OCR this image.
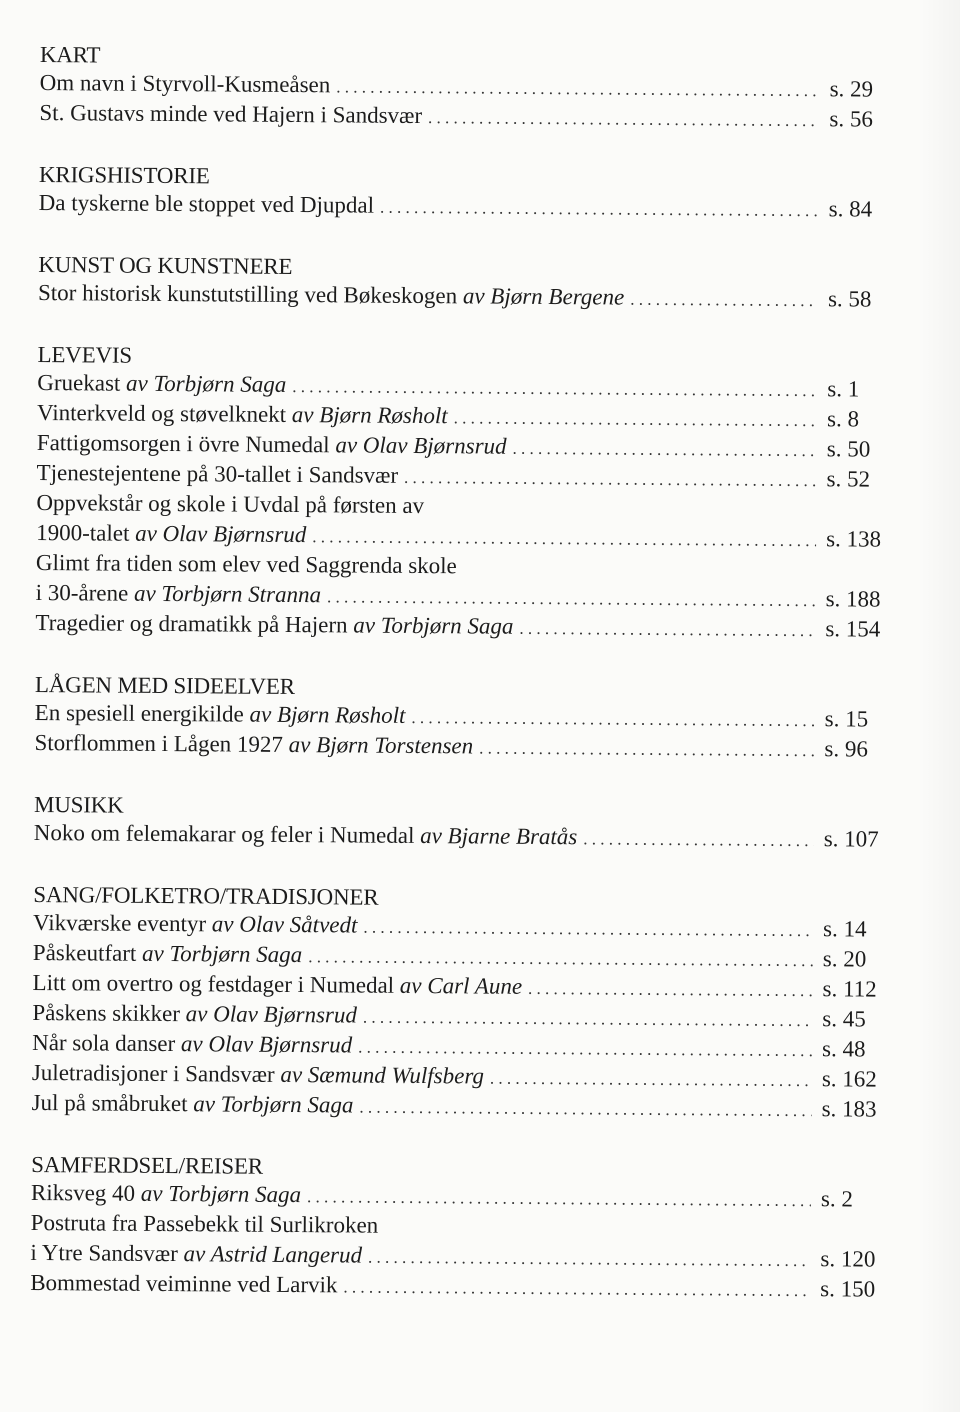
KART
Om navn i Styrvoll-Kusmeåsen . . .	s. 29
St. Gustavs minde ved Hajern i Sandsvær . . .	s. 56
KRIGSHISTORIE
Da tyskerne ble stoppet ved Djupdal . . .	s. 84
KUNST OG KUNSTNERE
Stor historisk kunstutstilling ved Bøkeskogen av Bjørn Bergene . . .	s. 58
LEVEVIS
Gruekast av Torbjørn Saga . . .	s. 1
Vinterkveld og støvelknekt av Bjørn Røsholt . . .	s. 8
Fattigomsorgen i övre Numedal av Olav Bjørnsrud . . .	s. 50
Tjenestejentene på 30-tallet i Sandsvær . . .	s. 52
Oppvekstår og skole i Uvdal på førsten av
1900-talet av Olav Bjørnsrud . . .	s. 138
Glimt fra tiden som elev ved Saggrenda skole
i 30-årene av Torbjørn Stranna . . .	s. 188
Tragedier og dramatikk på Hajern av Torbjørn Saga . . .	s. 154
LÅGEN MED SIDEELVER
En spesiell energikilde av Bjørn Røsholt . . .	s. 15
Storflommen i Lågen 1927 av Bjørn Torstensen . . .	s. 96
MUSIKK
Noko om felemakarar og feler i Numedal av Bjarne Bratås . . .	s. 107
SANG/FOLKETRO/TRADISJONER
Vikværske eventyr av Olav Såtvedt . . .	s. 14
Påskeutfart av Torbjørn Saga . . .	s. 20
Litt om overtro og festdager i Numedal av Carl Aune . . .	s. 112
Påskens skikker av Olav Bjørnsrud . . .	s. 45
Når sola danser av Olav Bjørnsrud . . .	s. 48
Juletradisjoner i Sandsvær av Sæmund Wulfsberg . . .	s. 162
Jul på småbruket av Torbjørn Saga . . .	s. 183
SAMFERDSEL/REISER
Riksveg 40 av Torbjørn Saga . . .	s. 2
Postruta fra Passebekk til Surlikroken
i Ytre Sandsvær av Astrid Langerud . . .	s. 120
Bommestad veiminne ved Larvik . . .	s. 150
